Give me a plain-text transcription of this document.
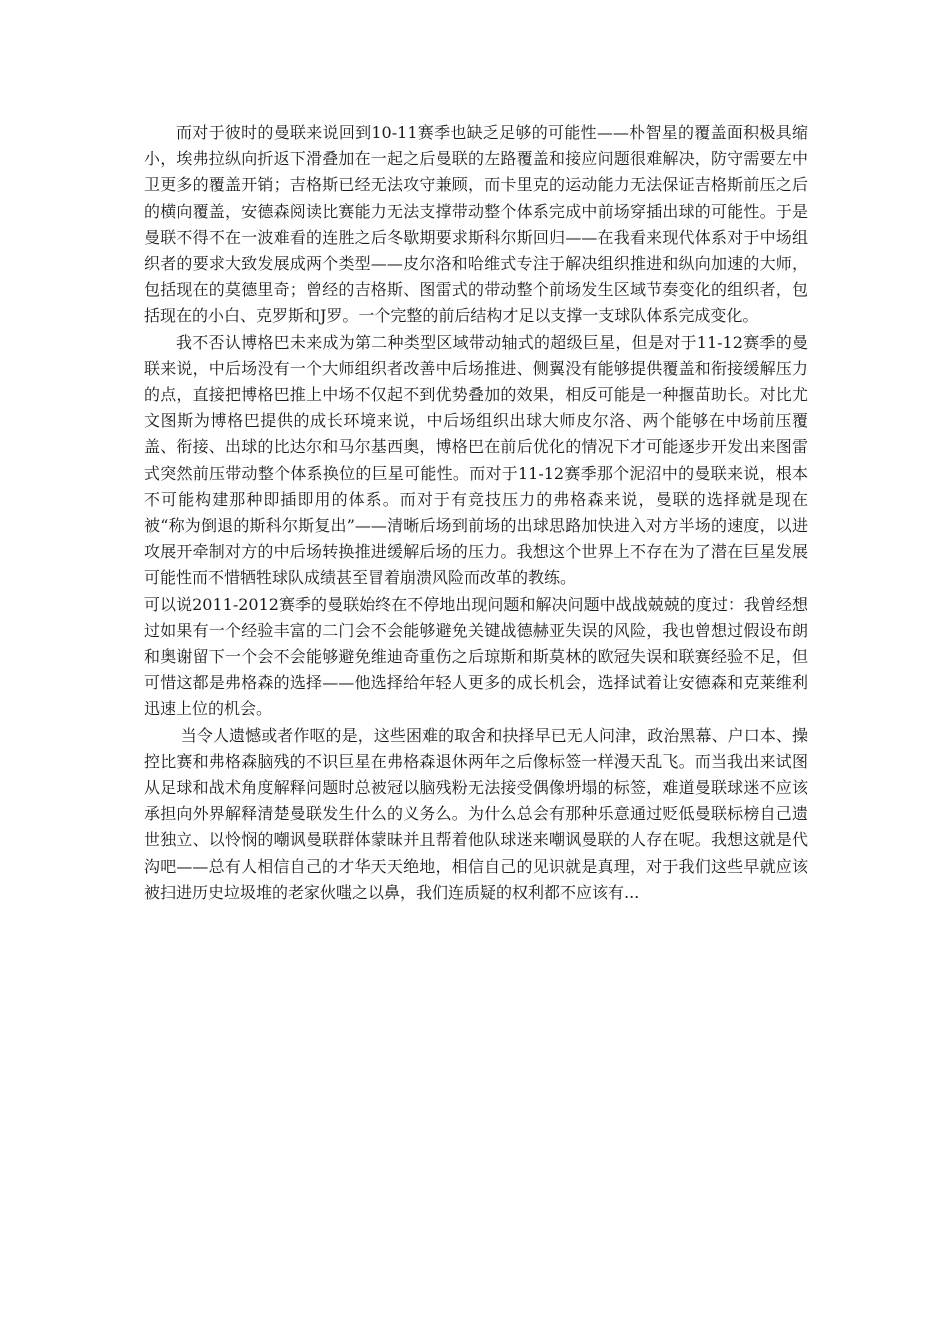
而对于彼时的曼联来说回到10-11赛季也缺乏足够的可能性——朴智星的覆盖面积极具缩小，埃弗拉纵向折返下滑叠加在一起之后曼联的左路覆盖和接应问题很难解决，防守需要左中卫更多的覆盖开销；吉格斯已经无法攻守兼顾，而卡里克的运动能力无法保证吉格斯前压之后的横向覆盖，安德森阅读比赛能力无法支撑带动整个体系完成中前场穿插出球的可能性。于是曼联不得不在一波难看的连胜之后冬歇期要求斯科尔斯回归——在我看来现代体系对于中场组织者的要求大致发展成两个类型——皮尔洛和哈维式专注于解决组织推进和纵向加速的大师，包括现在的莫德里奇；曾经的吉格斯、图雷式的带动整个前场发生区域节奏变化的组织者，包括现在的小白、克罗斯和J罗。一个完整的前后结构才足以支撑一支球队体系完成变化。

我不否认博格巴未来成为第二种类型区域带动轴式的超级巨星，但是对于11-12赛季的曼联来说，中后场没有一个大师组织者改善中后场推进、侧翼没有能够提供覆盖和衔接缓解压力的点，直接把博格巴推上中场不仅起不到优势叠加的效果，相反可能是一种揠苗助长。对比尤文图斯为博格巴提供的成长环境来说，中后场组织出球大师皮尔洛、两个能够在中场前压覆盖、衔接、出球的比达尔和马尔基西奥，博格巴在前后优化的情况下才可能逐步开发出来图雷式突然前压带动整个体系换位的巨星可能性。而对于11-12赛季那个泥沼中的曼联来说，根本不可能构建那种即插即用的体系。而对于有竞技压力的弗格森来说，曼联的选择就是现在被“称为倒退的斯科尔斯复出”——清晰后场到前场的出球思路加快进入对方半场的速度，以进攻展开牵制对方的中后场转换推进缓解后场的压力。我想这个世界上不存在为了潜在巨星发展可能性而不惜牺牲球队成绩甚至冒着崩溃风险而改革的教练。

可以说2011-2012赛季的曼联始终在不停地出现问题和解决问题中战战兢兢的度过：我曾经想过如果有一个经验丰富的二门会不会能够避免关键战德赫亚失误的风险，我也曾想过假设布朗和奥谢留下一个会不会能够避免维迪奇重伤之后琼斯和斯莫林的欧冠失误和联赛经验不足，但可惜这都是弗格森的选择——他选择给年轻人更多的成长机会，选择试着让安德森和克莱维利迅速上位的机会。

当令人遗憾或者作呕的是，这些困难的取舍和抉择早已无人问津，政治黑幕、户口本、操控比赛和弗格森脑残的不识巨星在弗格森退休两年之后像标签一样漫天乱飞。而当我出来试图从足球和战术角度解释问题时总被冠以脑残粉无法接受偶像坍塌的标签，难道曼联球迷不应该承担向外界解释清楚曼联发生什么的义务么。为什么总会有那种乐意通过贬低曼联标榜自己遗世独立、以怜悯的嘲讽曼联群体蒙昧并且帮着他队球迷来嘲讽曼联的人存在呢。我想这就是代沟吧——总有人相信自己的才华天天绝地，相信自己的见识就是真理，对于我们这些早就应该被扫进历史垃圾堆的老家伙嗤之以鼻，我们连质疑的权利都不应该有...
